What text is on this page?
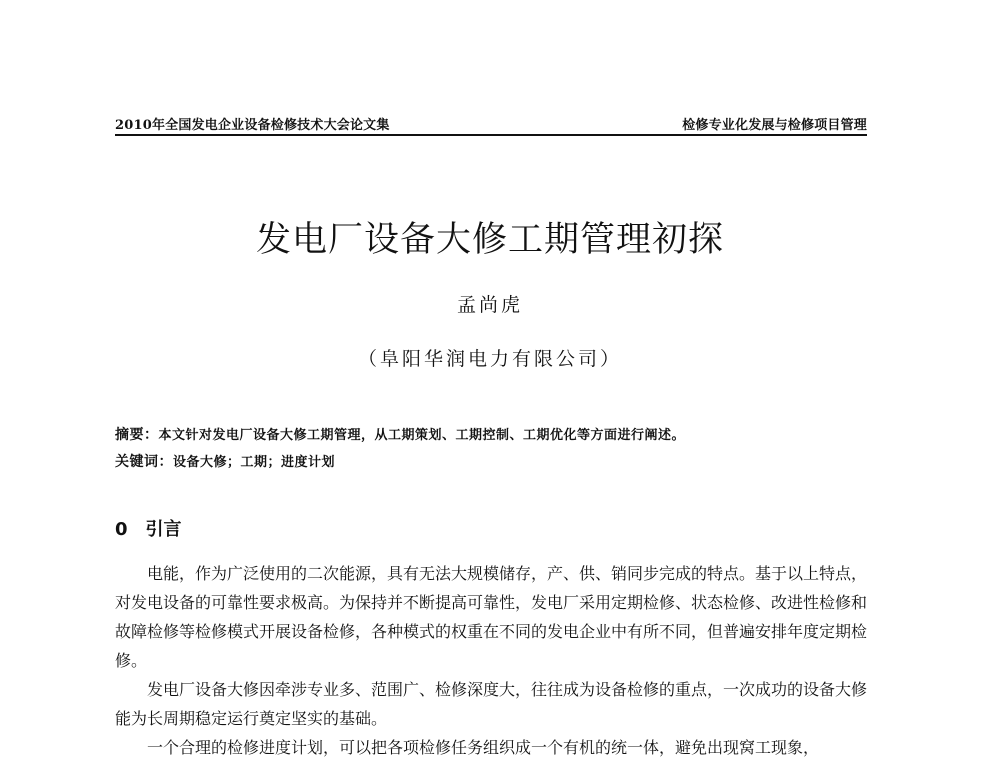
2010年全国发电企业设备检修技术大会论文集	检修专业化发展与检修项目管理
发电厂设备大修工期管理初探
孟尚虎
（阜阳华润电力有限公司）
摘要：本文针对发电厂设备大修工期管理，从工期策划、工期控制、工期优化等方面进行阐述。
关键词：设备大修；工期；进度计划
0 引言

电能，作为广泛使用的二次能源，具有无法大规模储存，产、供、销同步完成的特点。基于以上特点，对发电设备的可靠性要求极高。为保持并不断提高可靠性，发电厂采用定期检修、状态检修、改进性检修和故障检修等检修模式开展设备检修，各种模式的权重在不同的发电企业中有所不同，但普遍安排年度定期检修。

发电厂设备大修因牵涉专业多、范围广、检修深度大，往往成为设备检修的重点，一次成功的设备大修能为长周期稳定运行奠定坚实的基础。

一个合理的检修进度计划，可以把各项检修任务组织成一个有机的统一体，避免出现窝工现象，
